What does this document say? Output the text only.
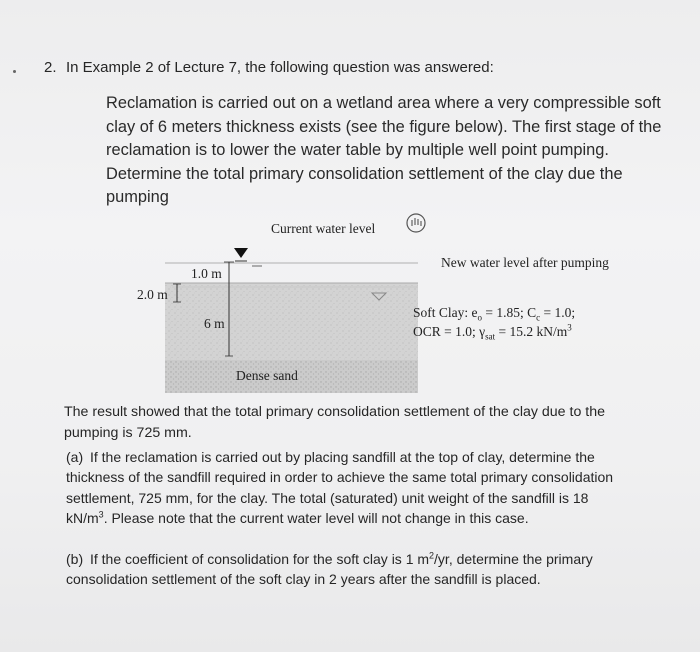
2. In Example 2 of Lecture 7, the following question was answered:
Reclamation is carried out on a wetland area where a very compressible soft clay of 6 meters thickness exists (see the figure below). The first stage of the reclamation is to lower the water table by multiple well point pumping. Determine the total primary consolidation settlement of the clay due the pumping
Current water level
New water level after pumping
1.0 m
2.0 m
6 m
Dense sand
Soft Clay: $e_o = 1.85$; $C_c = 1.0$;
OCR = 1.0; $\gamma_{sat} = 15.2$ $kN/m^3$
The result showed that the total primary consolidation settlement of the clay due to the pumping is 725 mm.
(a) If the reclamation is carried out by placing sandfill at the top of clay, determine the thickness of the sandfill required in order to achieve the same total primary consolidation settlement, 725 mm, for the clay. The total (saturated) unit weight of the sandfill is 18 $kN/m^3$. Please note that the current water level will not change in this case.
(b) If the coefficient of consolidation for the soft clay is 1 $m^2/yr$, determine the primary consolidation settlement of the soft clay in 2 years after the sandfill is placed.
